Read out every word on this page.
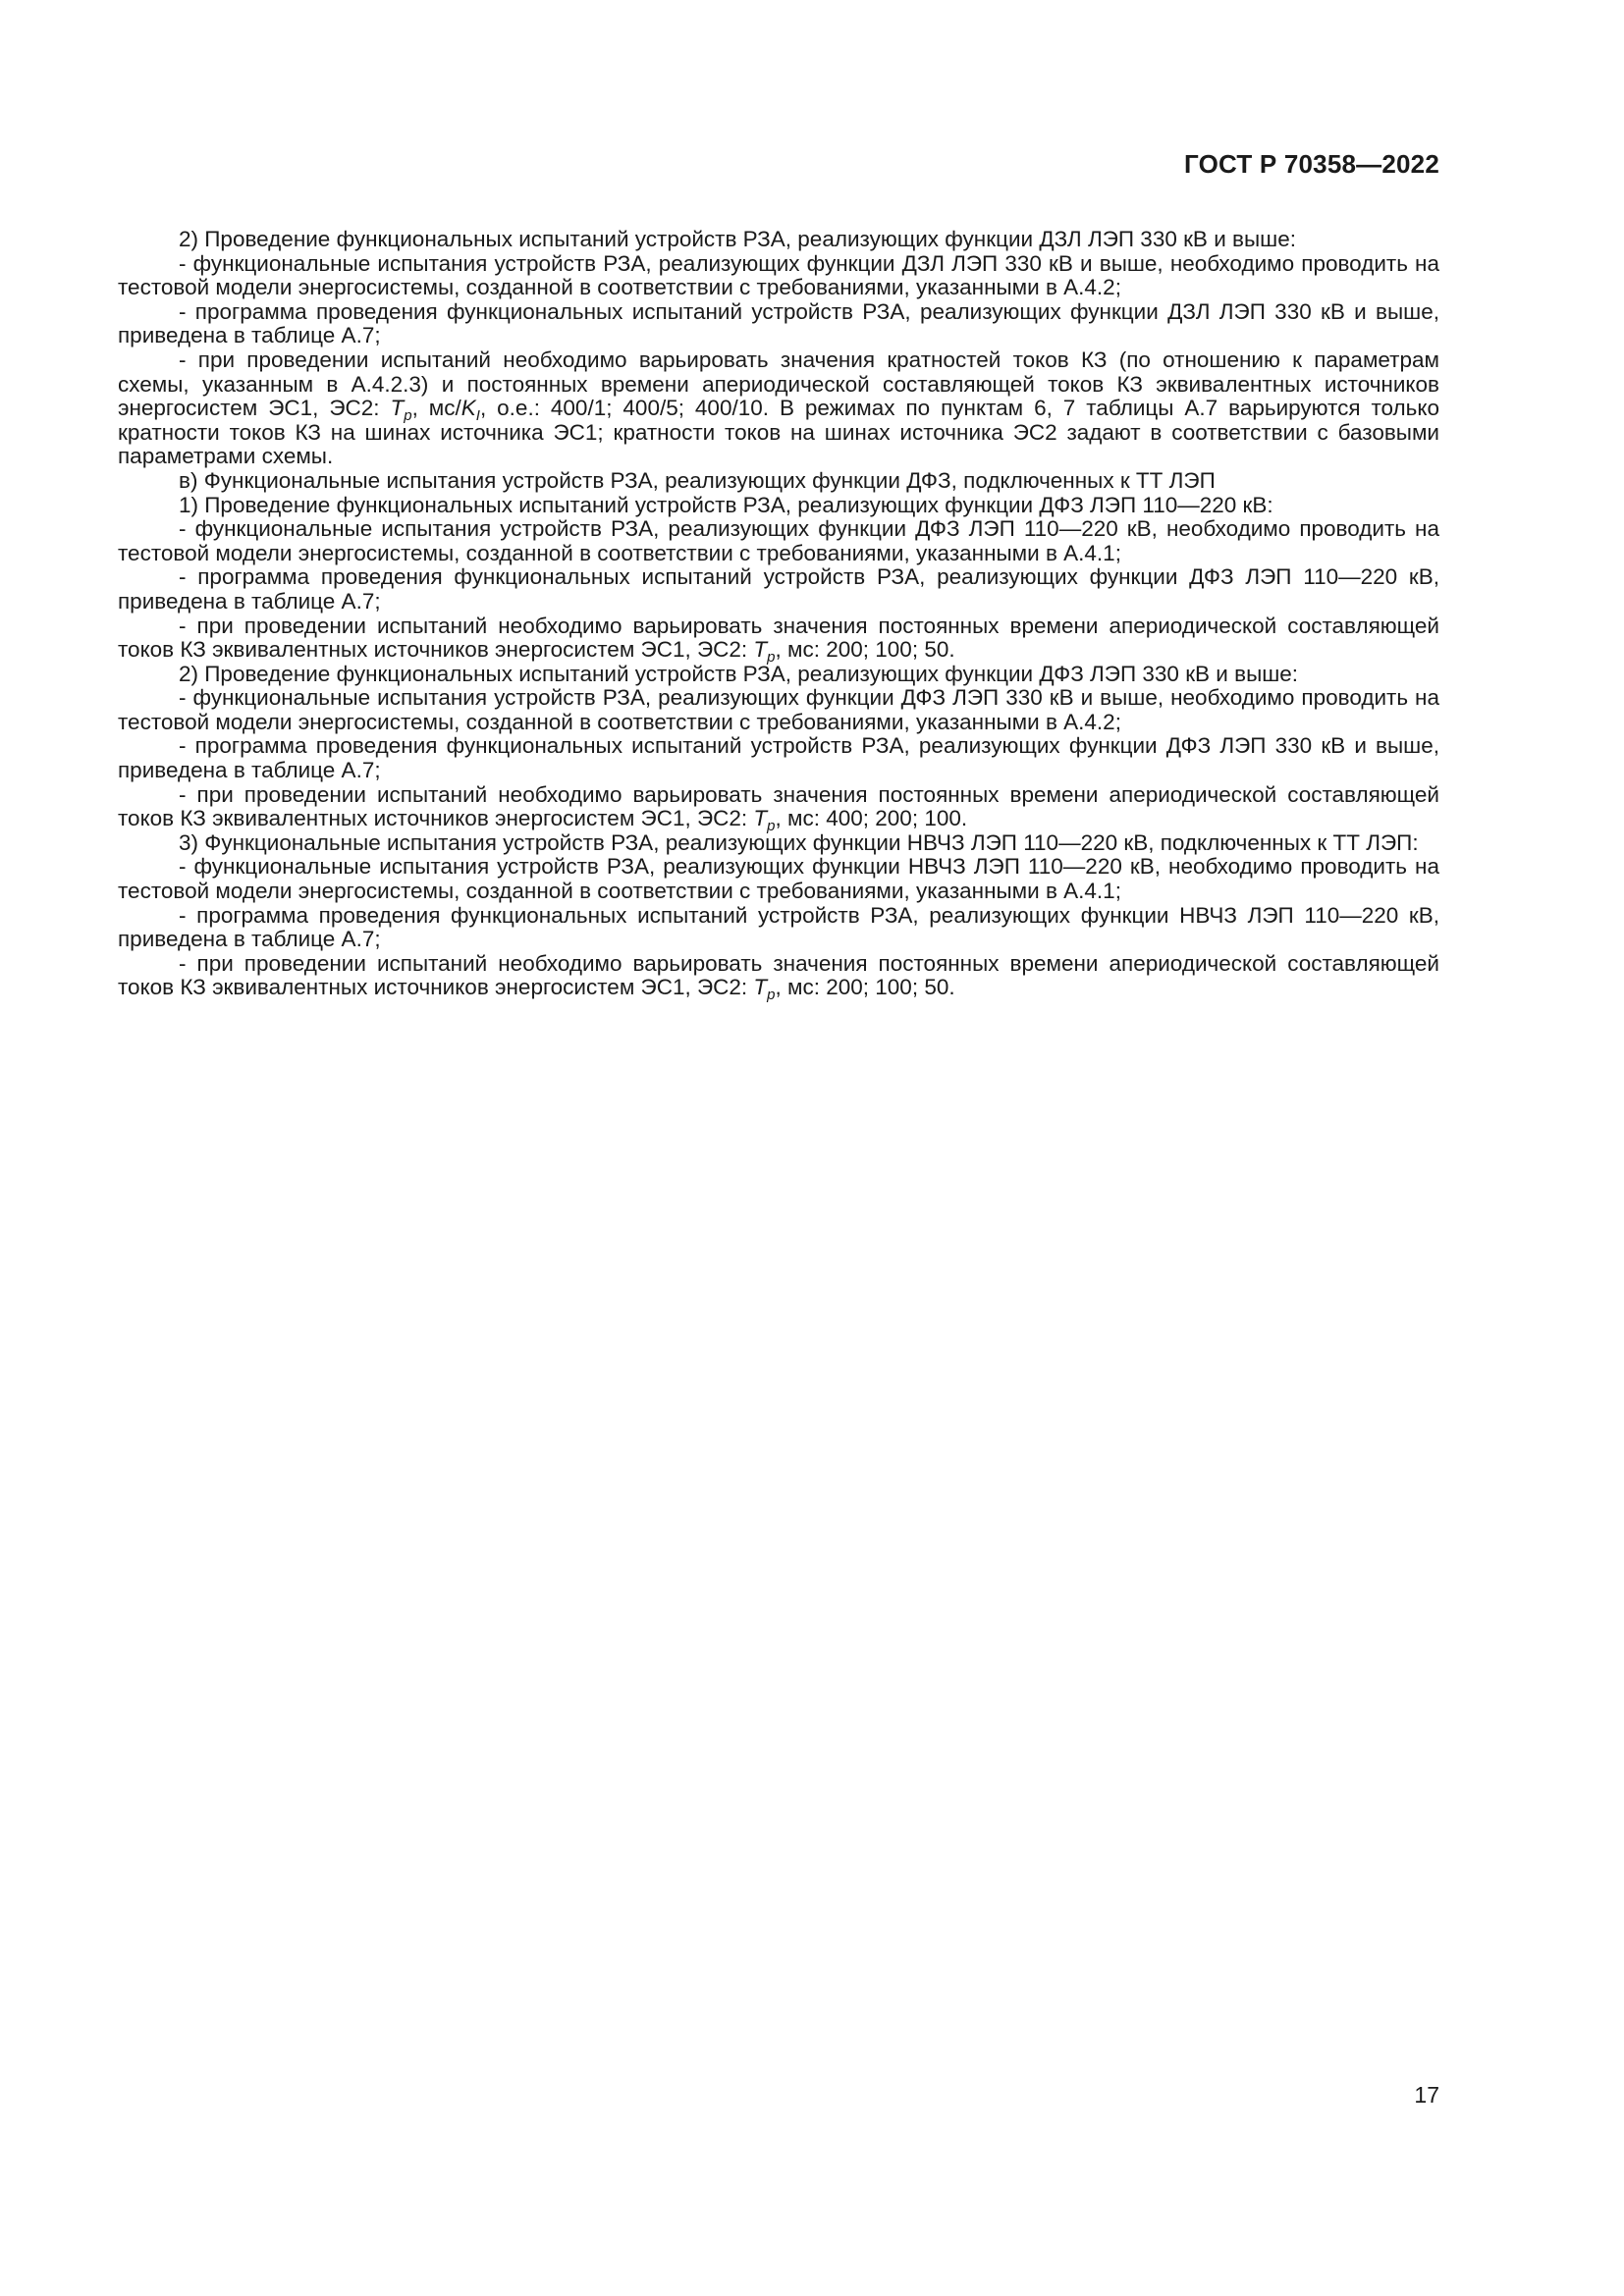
ГОСТ Р 70358—2022

2) Проведение функциональных испытаний устройств РЗА, реализующих функции ДЗЛ ЛЭП 330 кВ и выше:

- функциональные испытания устройств РЗА, реализующих функции ДЗЛ ЛЭП 330 кВ и выше, необходимо проводить на тестовой модели энергосистемы, созданной в соответствии с требованиями, указанными в А.4.2;

- программа проведения функциональных испытаний устройств РЗА, реализующих функции ДЗЛ ЛЭП 330 кВ и выше, приведена в таблице А.7;

- при проведении испытаний необходимо варьировать значения кратностей токов КЗ (по отношению к параметрам схемы, указанным в А.4.2.3) и постоянных времени апериодической составляющей токов КЗ эквивалентных источников энергосистем ЭС1, ЭС2: $T_p$, $мс/K_I$, о.е.: 400/1; 400/5; 400/10. В режимах по пунктам 6, 7 таблицы А.7 варьируются только кратности токов КЗ на шинах источника ЭС1; кратности токов на шинах источника ЭС2 задают в соответствии с базовыми параметрами схемы.

в) Функциональные испытания устройств РЗА, реализующих функции ДФЗ, подключенных к ТТ ЛЭП

1) Проведение функциональных испытаний устройств РЗА, реализующих функции ДФЗ ЛЭП 110—220 кВ:

- функциональные испытания устройств РЗА, реализующих функции ДФЗ ЛЭП 110—220 кВ, необходимо проводить на тестовой модели энергосистемы, созданной в соответствии с требованиями, указанными в А.4.1;

- программа проведения функциональных испытаний устройств РЗА, реализующих функции ДФЗ ЛЭП 110—220 кВ, приведена в таблице А.7;

- при проведении испытаний необходимо варьировать значения постоянных времени апериодической составляющей токов КЗ эквивалентных источников энергосистем ЭС1, ЭС2: $T_p$, мс: 200; 100; 50.

2) Проведение функциональных испытаний устройств РЗА, реализующих функции ДФЗ ЛЭП 330 кВ и выше:

- функциональные испытания устройств РЗА, реализующих функции ДФЗ ЛЭП 330 кВ и выше, необходимо проводить на тестовой модели энергосистемы, созданной в соответствии с требованиями, указанными в А.4.2;

- программа проведения функциональных испытаний устройств РЗА, реализующих функции ДФЗ ЛЭП 330 кВ и выше, приведена в таблице А.7;

- при проведении испытаний необходимо варьировать значения постоянных времени апериодической составляющей токов КЗ эквивалентных источников энергосистем ЭС1, ЭС2: $T_p$, мс: 400; 200; 100.

3) Функциональные испытания устройств РЗА, реализующих функции НВЧЗ ЛЭП 110—220 кВ, подключенных к ТТ ЛЭП:

- функциональные испытания устройств РЗА, реализующих функции НВЧЗ ЛЭП 110—220 кВ, необходимо проводить на тестовой модели энергосистемы, созданной в соответствии с требованиями, указанными в А.4.1;

- программа проведения функциональных испытаний устройств РЗА, реализующих функции НВЧЗ ЛЭП 110—220 кВ, приведена в таблице А.7;

- при проведении испытаний необходимо варьировать значения постоянных времени апериодической составляющей токов КЗ эквивалентных источников энергосистем ЭС1, ЭС2: $T_p$, мс: 200; 100; 50.

17
